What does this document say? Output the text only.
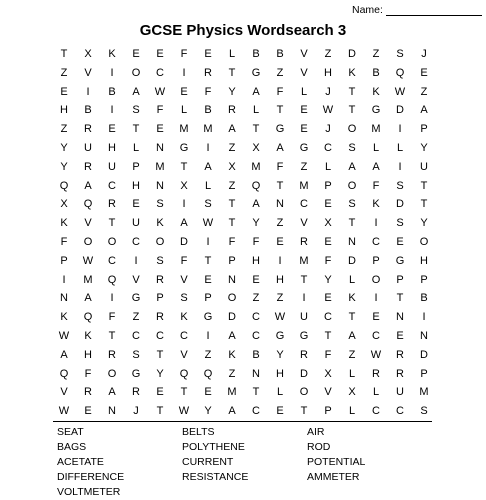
Name:
GCSE Physics Wordsearch 3
T	X	K	E	E	F	E	L	B	B	V	Z	D	Z	S	J
Z	V	I	O	C	I	R	T	G	Z	V	H	K	B	Q	E
E	I	B	A	W	E	F	Y	A	F	L	J	T	K	W	Z
H	B	I	S	F	L	B	R	L	T	E	W	T	G	D	A
Z	R	E	T	E	M	M	A	T	G	E	J	O	M	I	P
Y	U	H	L	N	G	I	Z	X	A	G	C	S	L	L	Y
Y	R	U	P	M	T	A	X	M	F	Z	L	A	A	I	U
Q	A	C	H	N	X	L	Z	Q	T	M	P	O	F	S	T
X	Q	R	E	S	I	S	T	A	N	C	E	S	K	D	T
K	V	T	U	K	A	W	T	Y	Z	V	X	T	I	S	Y
F	O	O	C	O	D	I	F	F	E	R	E	N	C	E	O
P	W	C	I	S	F	T	P	H	I	M	F	D	P	G	H
I	M	Q	V	R	V	E	N	E	H	T	Y	L	O	P	P
N	A	I	G	P	S	P	O	Z	Z	I	E	K	I	T	B
K	Q	F	Z	R	K	G	D	C	W	U	C	T	E	N	I
W	K	T	C	C	C	I	A	C	G	G	T	A	C	E	N
A	H	R	S	T	V	Z	K	B	Y	R	F	Z	W	R	D
Q	F	O	G	Y	Q	Q	Z	N	H	D	X	L	R	R	P
V	R	A	R	E	T	E	M	T	L	O	V	X	L	U	M
W	E	N	J	T	W	Y	A	C	E	T	P	L	C	C	S
SEAT	BELTS	AIR
BAGS	POLYTHENE	ROD
ACETATE	CURRENT	POTENTIAL
DIFFERENCE	RESISTANCE	AMMETER
VOLTMETER
